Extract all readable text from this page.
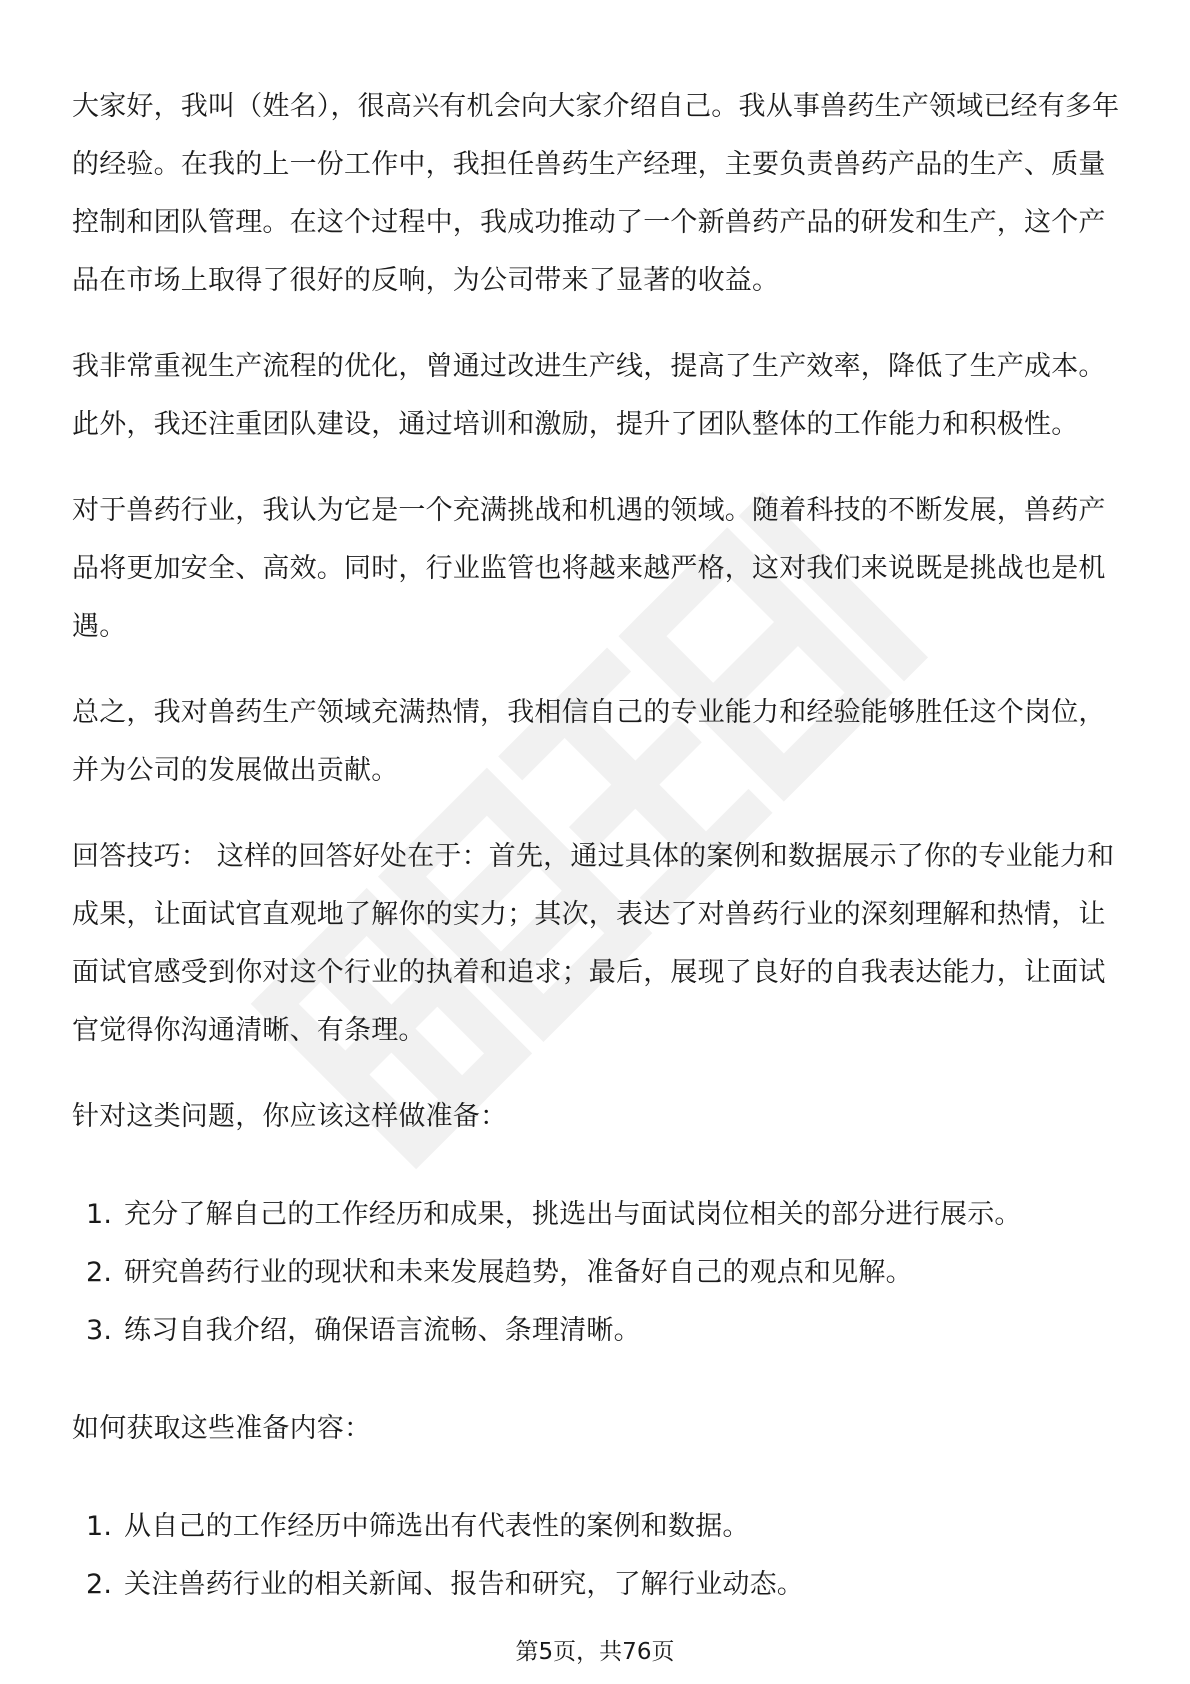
大家好，我叫（姓名），很高兴有机会向大家介绍自己。我从事兽药生产领域已经有多年的经验。在我的上一份工作中，我担任兽药生产经理，主要负责兽药产品的生产、质量控制和团队管理。在这个过程中，我成功推动了一个新兽药产品的研发和生产，这个产品在市场上取得了很好的反响，为公司带来了显著的收益。

我非常重视生产流程的优化，曾通过改进生产线，提高了生产效率，降低了生产成本。此外，我还注重团队建设，通过培训和激励，提升了团队整体的工作能力和积极性。

对于兽药行业，我认为它是一个充满挑战和机遇的领域。随着科技的不断发展，兽药产品将更加安全、高效。同时，行业监管也将越来越严格，这对我们来说既是挑战也是机遇。

总之，我对兽药生产领域充满热情，我相信自己的专业能力和经验能够胜任这个岗位，并为公司的发展做出贡献。

回答技巧： 这样的回答好处在于：首先，通过具体的案例和数据展示了你的专业能力和成果，让面试官直观地了解你的实力；其次，表达了对兽药行业的深刻理解和热情，让面试官感受到你对这个行业的执着和追求；最后，展现了良好的自我表达能力，让面试官觉得你沟通清晰、有条理。

针对这类问题，你应该这样做准备：

1. 充分了解自己的工作经历和成果，挑选出与面试岗位相关的部分进行展示。
2. 研究兽药行业的现状和未来发展趋势，准备好自己的观点和见解。
3. 练习自我介绍，确保语言流畅、条理清晰。

如何获取这些准备内容：

1. 从自己的工作经历中筛选出有代表性的案例和数据。
2. 关注兽药行业的相关新闻、报告和研究，了解行业动态。
第5页，共76页
